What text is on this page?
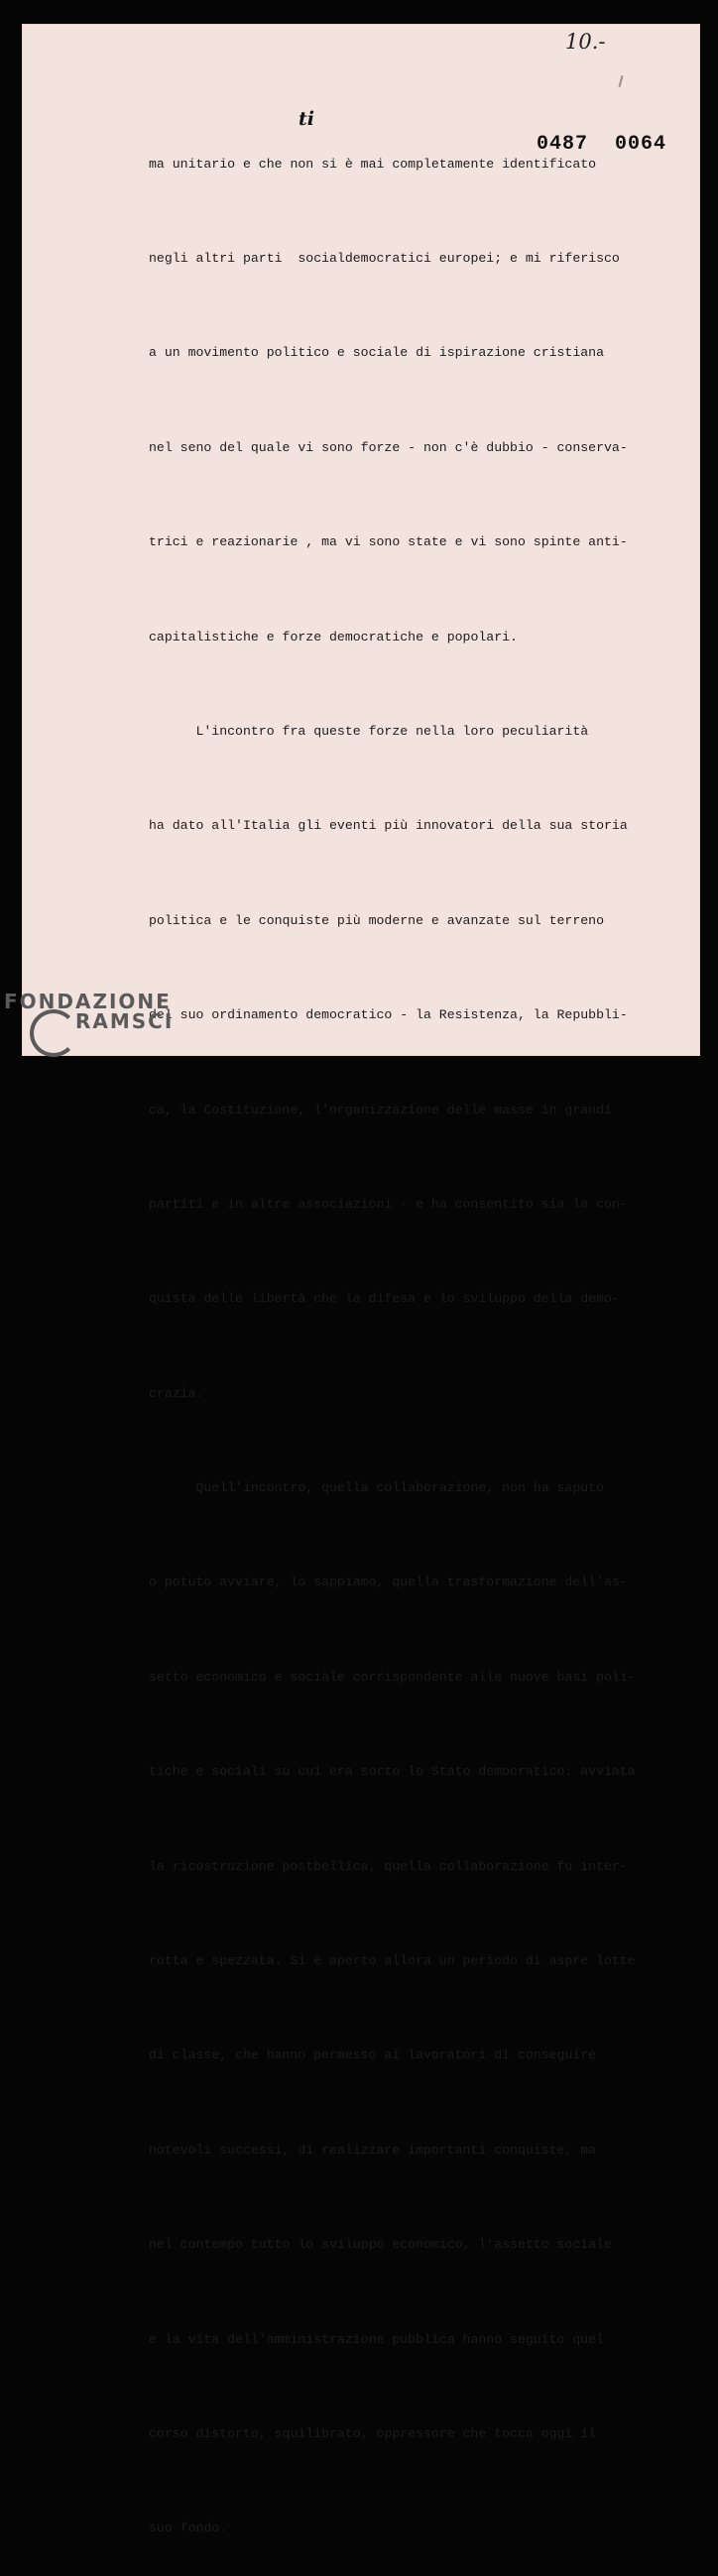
10.-
0487 0064
ti

ma unitario e che non si è mai completamente identificato

negli altri parti  socialdemocratici europei; e mi riferisco

a un movimento politico e sociale di ispirazione cristiana

nel seno del quale vi sono forze - non c'è dubbio - conserva-

trici e reazionarie , ma vi sono state e vi sono spinte anti-

capitalistiche e forze democratiche e popolari.

L'incontro fra queste forze nella loro peculiarità

ha dato all'Italia gli eventi più innovatori della sua storia

politica e le conquiste più moderne e avanzate sul terreno

del suo ordinamento democratico - la Resistenza, la Repubbli-

ca, la Costituzione, l'organizzazione delle masse in grandi

partiti e in altre associazioni - e ha consentito sia la con-

quista delle libertà che la difesa e lo sviluppo della demo-

crazia.

Quell'incontro, quella collaborazione, non ha saputo

o potuto avviare, lo sappiamo, quella trasformazione dell'as-

setto economico e sociale corrispondente alle nuove basi poli-

tiche e sociali su cui era sorto lo Stato democratico: avviata

la ricostruzione postbellica, quella collaborazione fu inter-

rotta e spezzata. Si è aperto allora un periodo di aspre lotte

di classe, che hanno permesso ai lavoratori di conseguire

notevoli successi, di realizzare importanti conquiste, ma

nel contempo tutto lo sviluppo economico, l'assetto sociale

e la vita dell'amministrazione pubblica hanno seguito quel

corso distorto, squilibrato, oppressore che tocca oggi il

suo fondo.

FONDAZIONE
RAMSCI
